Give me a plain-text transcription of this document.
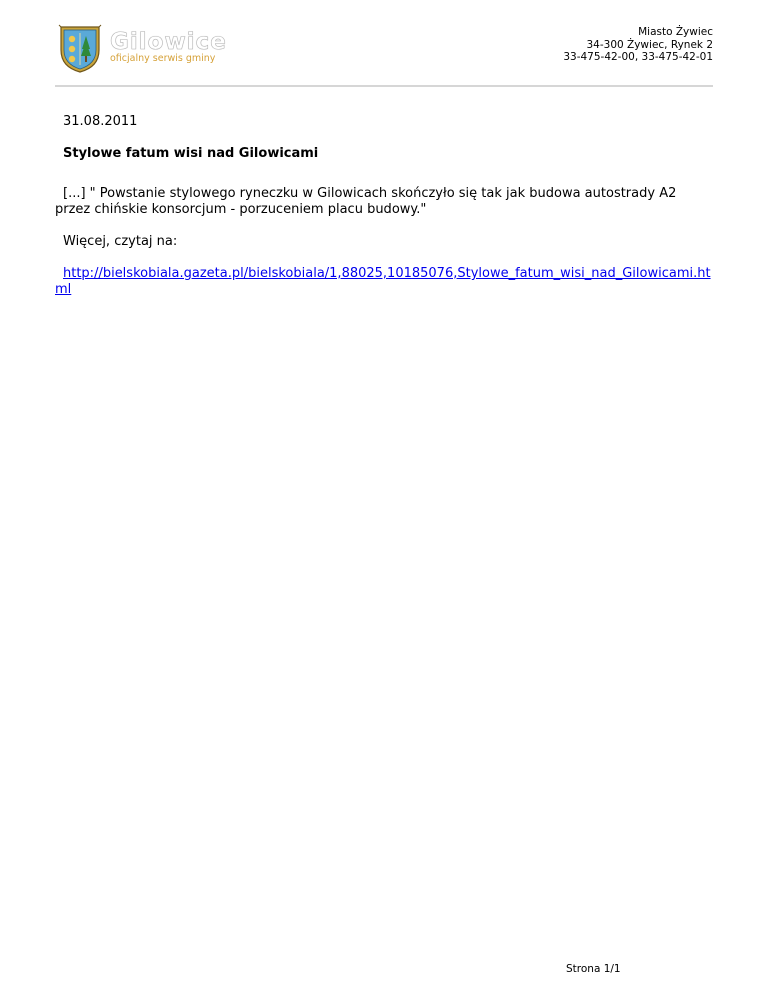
Gilowice
oficjalny serwis gminy
Miasto Żywiec
34-300 Żywiec, Rynek 2
33-475-42-00, 33-475-42-01
31.08.2011
Stylowe fatum wisi nad Gilowicami
[...] " Powstanie stylowego ryneczku w Gilowicach skończyło się tak jak budowa autostrady A2 przez chińskie konsorcjum - porzuceniem placu budowy."
Więcej, czytaj na:
http://bielskobiala.gazeta.pl/bielskobiala/1,88025,10185076,Stylowe_fatum_wisi_nad_Gilowicami.html
Strona 1/1
